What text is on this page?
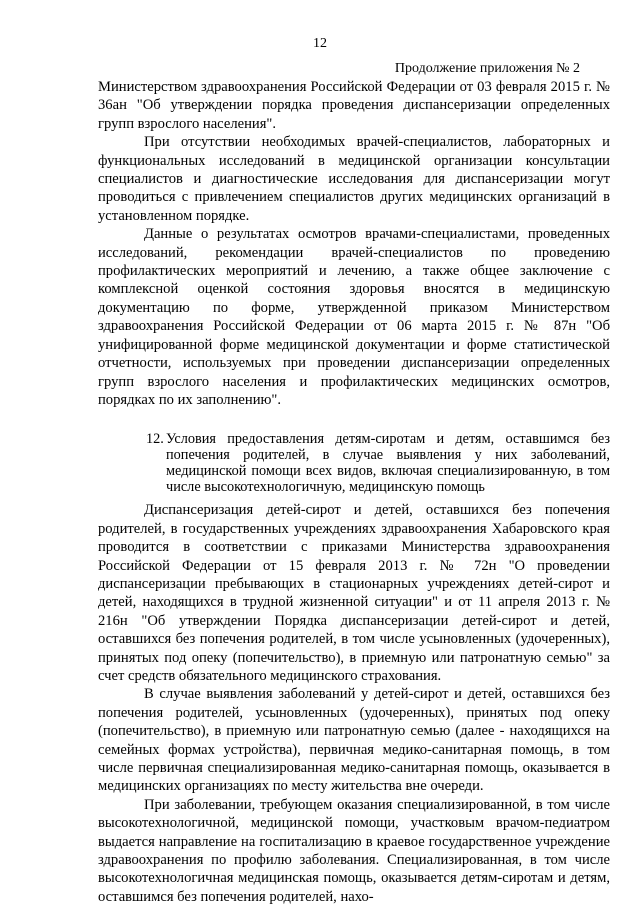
12
Продолжение приложения № 2

Министерством здравоохранения Российской Федерации от 03 февраля 2015 г. № 36ан "Об утверждении порядка проведения диспансеризации определенных групп взрослого населения".

При отсутствии необходимых врачей-специалистов, лабораторных и функциональных исследований в медицинской организации консультации специалистов и диагностические исследования для диспансеризации могут проводиться с привлечением специалистов других медицинских организаций в установленном порядке.

Данные о результатах осмотров врачами-специалистами, проведенных исследований, рекомендации врачей-специалистов по проведению профилактических мероприятий и лечению, а также общее заключение с комплексной оценкой состояния здоровья вносятся в медицинскую документацию по форме, утвержденной приказом Министерством здравоохранения Российской Федерации от 06 марта 2015 г. № 87н "Об унифицированной форме медицинской документации и форме статистической отчетности, используемых при проведении диспансеризации определенных групп взрослого населения и профилактических медицинских осмотров, порядках по их заполнению".

12. Условия предоставления детям-сиротам и детям, оставшимся без попечения родителей, в случае выявления у них заболеваний, медицинской помощи всех видов, включая специализированную, в том числе высокотехнологичную, медицинскую помощь

Диспансеризация детей-сирот и детей, оставшихся без попечения родителей, в государственных учреждениях здравоохранения Хабаровского края проводится в соответствии с приказами Министерства здравоохранения Российской Федерации от 15 февраля 2013 г. № 72н "О проведении диспансеризации пребывающих в стационарных учреждениях детей-сирот и детей, находящихся в трудной жизненной ситуации" и от 11 апреля 2013 г. № 216н "Об утверждении Порядка диспансеризации детей-сирот и детей, оставшихся без попечения родителей, в том числе усыновленных (удочеренных), принятых под опеку (попечительство), в приемную или патронатную семью" за счет средств обязательного медицинского страхования.

В случае выявления заболеваний у детей-сирот и детей, оставшихся без попечения родителей, усыновленных (удочеренных), принятых под опеку (попечительство), в приемную или патронатную семью (далее - находящихся на семейных формах устройства), первичная медико-санитарная помощь, в том числе первичная специализированная медико-санитарная помощь, оказывается в медицинских организациях по месту жительства вне очереди.

При заболевании, требующем оказания специализированной, в том числе высокотехнологичной, медицинской помощи, участковым врачом-педиатром выдается направление на госпитализацию в краевое государственное учреждение здравоохранения по профилю заболевания. Специализированная, в том числе высокотехнологичная медицинская помощь, оказывается детям-сиротам и детям, оставшимся без попечения родителей, нахо-
